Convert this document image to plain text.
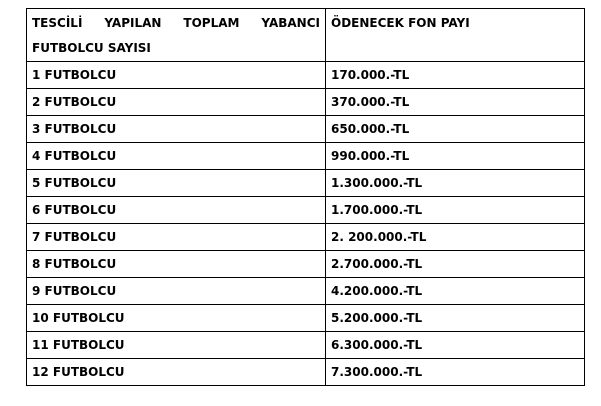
TESCİLİ YAPILAN TOPLAM YABANCI
FUTBOLCU SAYISI	ÖDENECEK FON PAYI
1 FUTBOLCU	170.000.-TL
2 FUTBOLCU	370.000.-TL
3 FUTBOLCU	650.000.-TL
4 FUTBOLCU	990.000.-TL
5 FUTBOLCU	1.300.000.-TL
6 FUTBOLCU	1.700.000.-TL
7 FUTBOLCU	2. 200.000.-TL
8 FUTBOLCU	2.700.000.-TL
9 FUTBOLCU	4.200.000.-TL
10 FUTBOLCU	5.200.000.-TL
11 FUTBOLCU	6.300.000.-TL
12 FUTBOLCU	7.300.000.-TL
